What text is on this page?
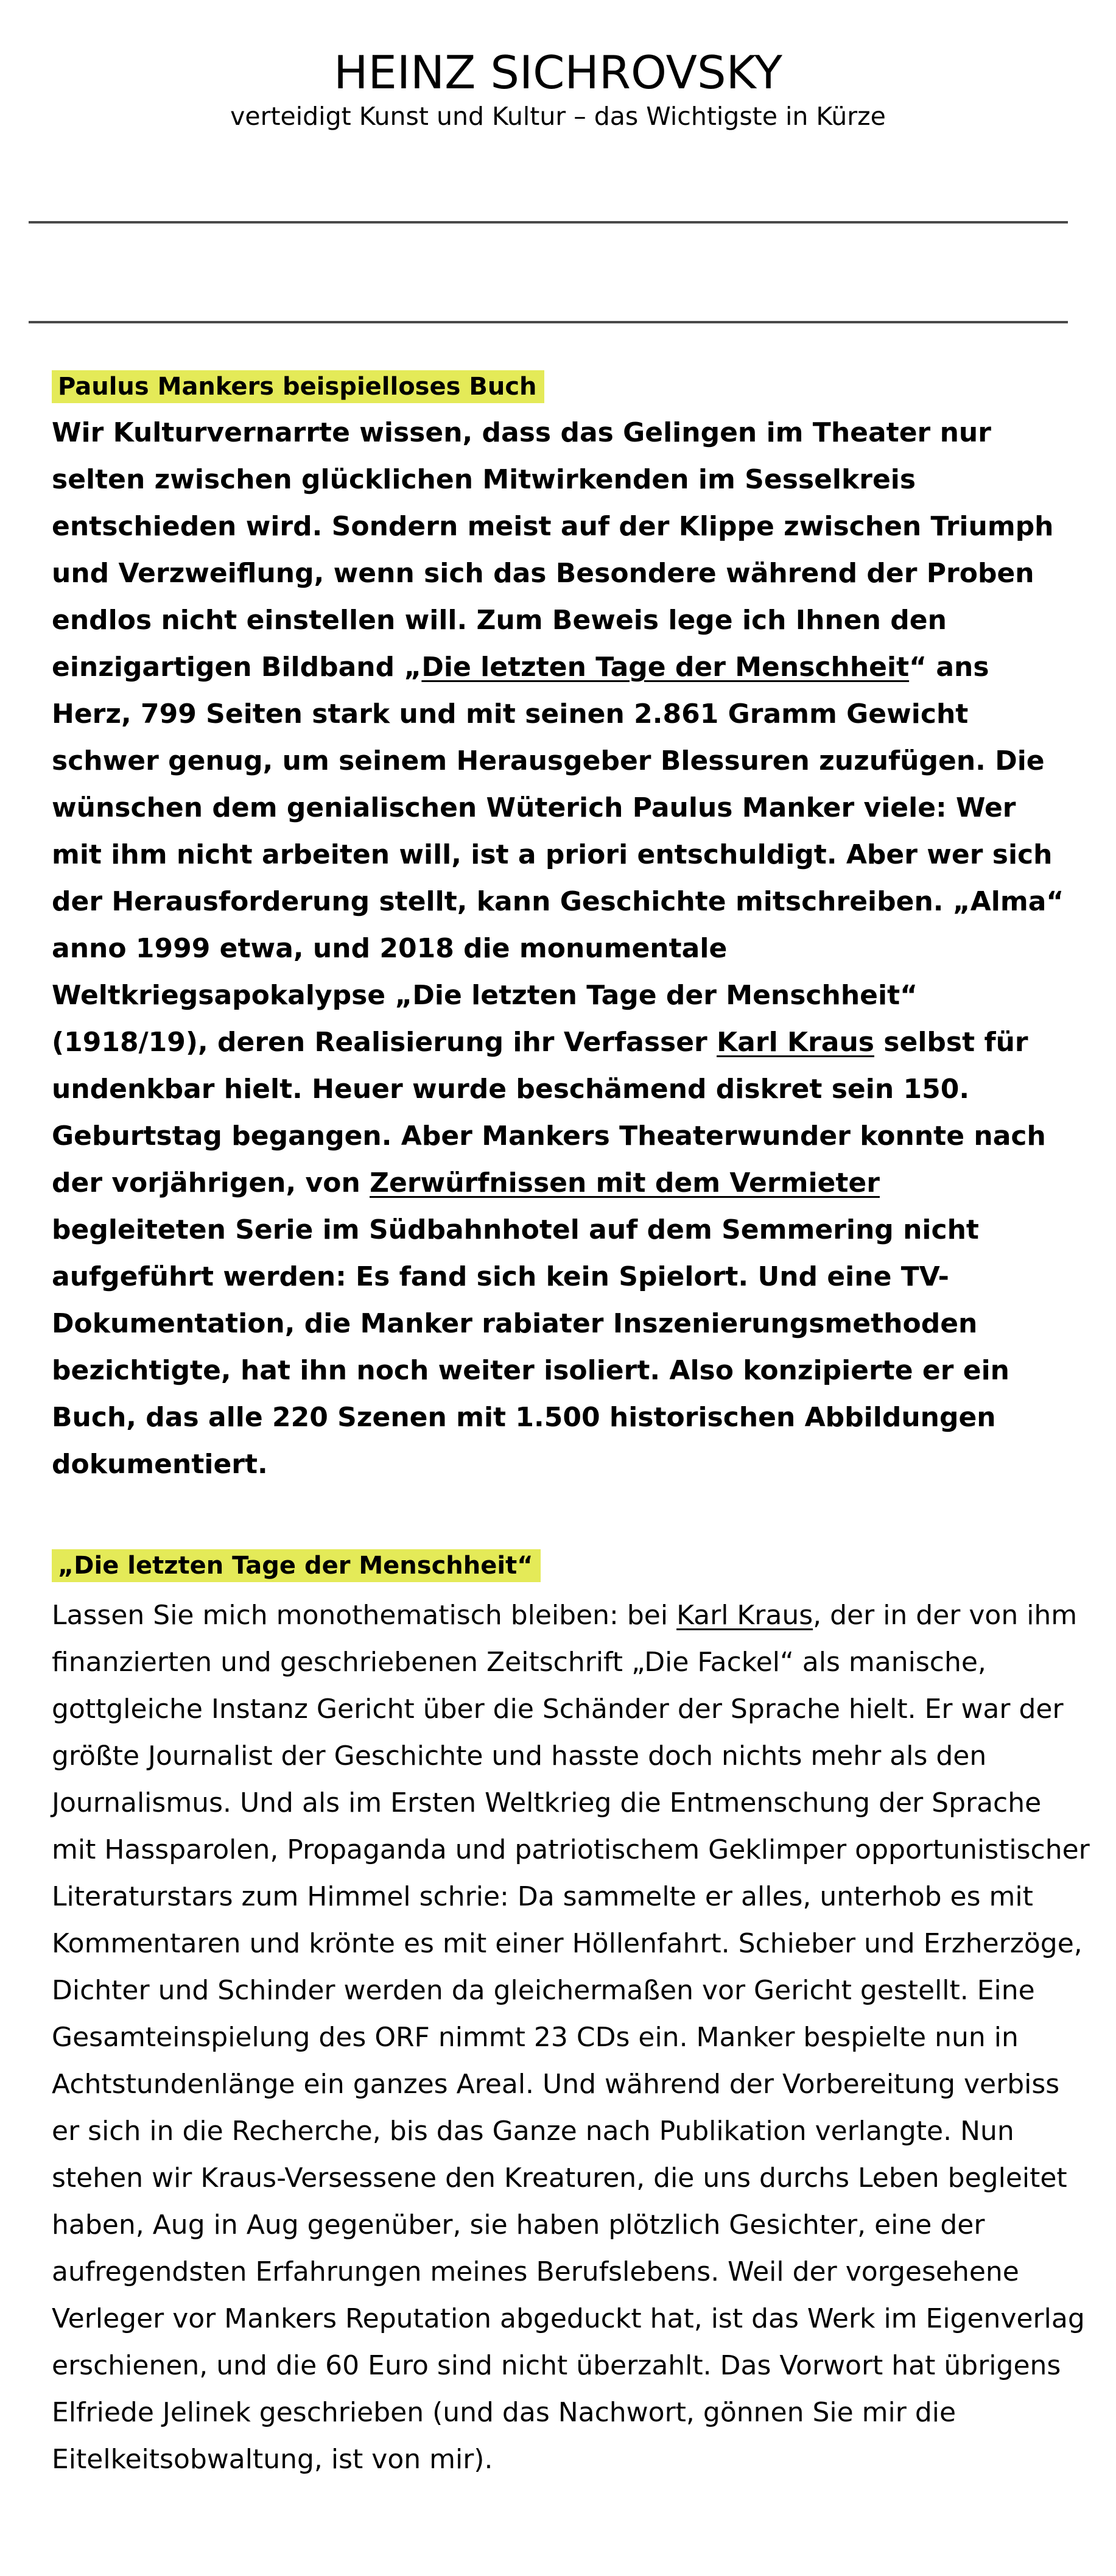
HEINZ SICHROVSKY
verteidigt Kunst und Kultur – das Wichtigste in Kürze
Paulus Mankers beispielloses Buch
Wir Kulturvernarrte wissen, dass das Gelingen im Theater nur
selten zwischen glücklichen Mitwirkenden im Sesselkreis
entschieden wird. Sondern meist auf der Klippe zwischen Triumph
und Verzweiflung, wenn sich das Besondere während der Proben
endlos nicht einstellen will. Zum Beweis lege ich Ihnen den
einzigartigen Bildband „Die letzten Tage der Menschheit“ ans
Herz, 799 Seiten stark und mit seinen 2.861 Gramm Gewicht
schwer genug, um seinem Herausgeber Blessuren zuzufügen. Die
wünschen dem genialischen Wüterich Paulus Manker viele: Wer
mit ihm nicht arbeiten will, ist a priori entschuldigt. Aber wer sich
der Herausforderung stellt, kann Geschichte mitschreiben. „Alma“
anno 1999 etwa, und 2018 die monumentale
Weltkriegsapokalypse „Die letzten Tage der Menschheit“
(1918/19), deren Realisierung ihr Verfasser Karl Kraus selbst für
undenkbar hielt. Heuer wurde beschämend diskret sein 150.
Geburtstag begangen. Aber Mankers Theaterwunder konnte nach
der vorjährigen, von Zerwürfnissen mit dem Vermieter
begleiteten Serie im Südbahnhotel auf dem Semmering nicht
aufgeführt werden: Es fand sich kein Spielort. Und eine TV-
Dokumentation, die Manker rabiater Inszenierungsmethoden
bezichtigte, hat ihn noch weiter isoliert. Also konzipierte er ein
Buch, das alle 220 Szenen mit 1.500 historischen Abbildungen
dokumentiert.
„Die letzten Tage der Menschheit“
Lassen Sie mich monothematisch bleiben: bei Karl Kraus, der in der von ihm
finanzierten und geschriebenen Zeitschrift „Die Fackel“ als manische,
gottgleiche Instanz Gericht über die Schänder der Sprache hielt. Er war der
größte Journalist der Geschichte und hasste doch nichts mehr als den
Journalismus. Und als im Ersten Weltkrieg die Entmenschung der Sprache
mit Hassparolen, Propaganda und patriotischem Geklimper opportunistischer
Literaturstars zum Himmel schrie: Da sammelte er alles, unterhob es mit
Kommentaren und krönte es mit einer Höllenfahrt. Schieber und Erzherzöge,
Dichter und Schinder werden da gleichermaßen vor Gericht gestellt. Eine
Gesamteinspielung des ORF nimmt 23 CDs ein. Manker bespielte nun in
Achtstundenlänge ein ganzes Areal. Und während der Vorbereitung verbiss
er sich in die Recherche, bis das Ganze nach Publikation verlangte. Nun
stehen wir Kraus-Versessene den Kreaturen, die uns durchs Leben begleitet
haben, Aug in Aug gegenüber, sie haben plötzlich Gesichter, eine der
aufregendsten Erfahrungen meines Berufslebens. Weil der vorgesehene
Verleger vor Mankers Reputation abgeduckt hat, ist das Werk im Eigenverlag
erschienen, und die 60 Euro sind nicht überzahlt. Das Vorwort hat übrigens
Elfriede Jelinek geschrieben (und das Nachwort, gönnen Sie mir die
Eitelkeitsobwaltung, ist von mir).
